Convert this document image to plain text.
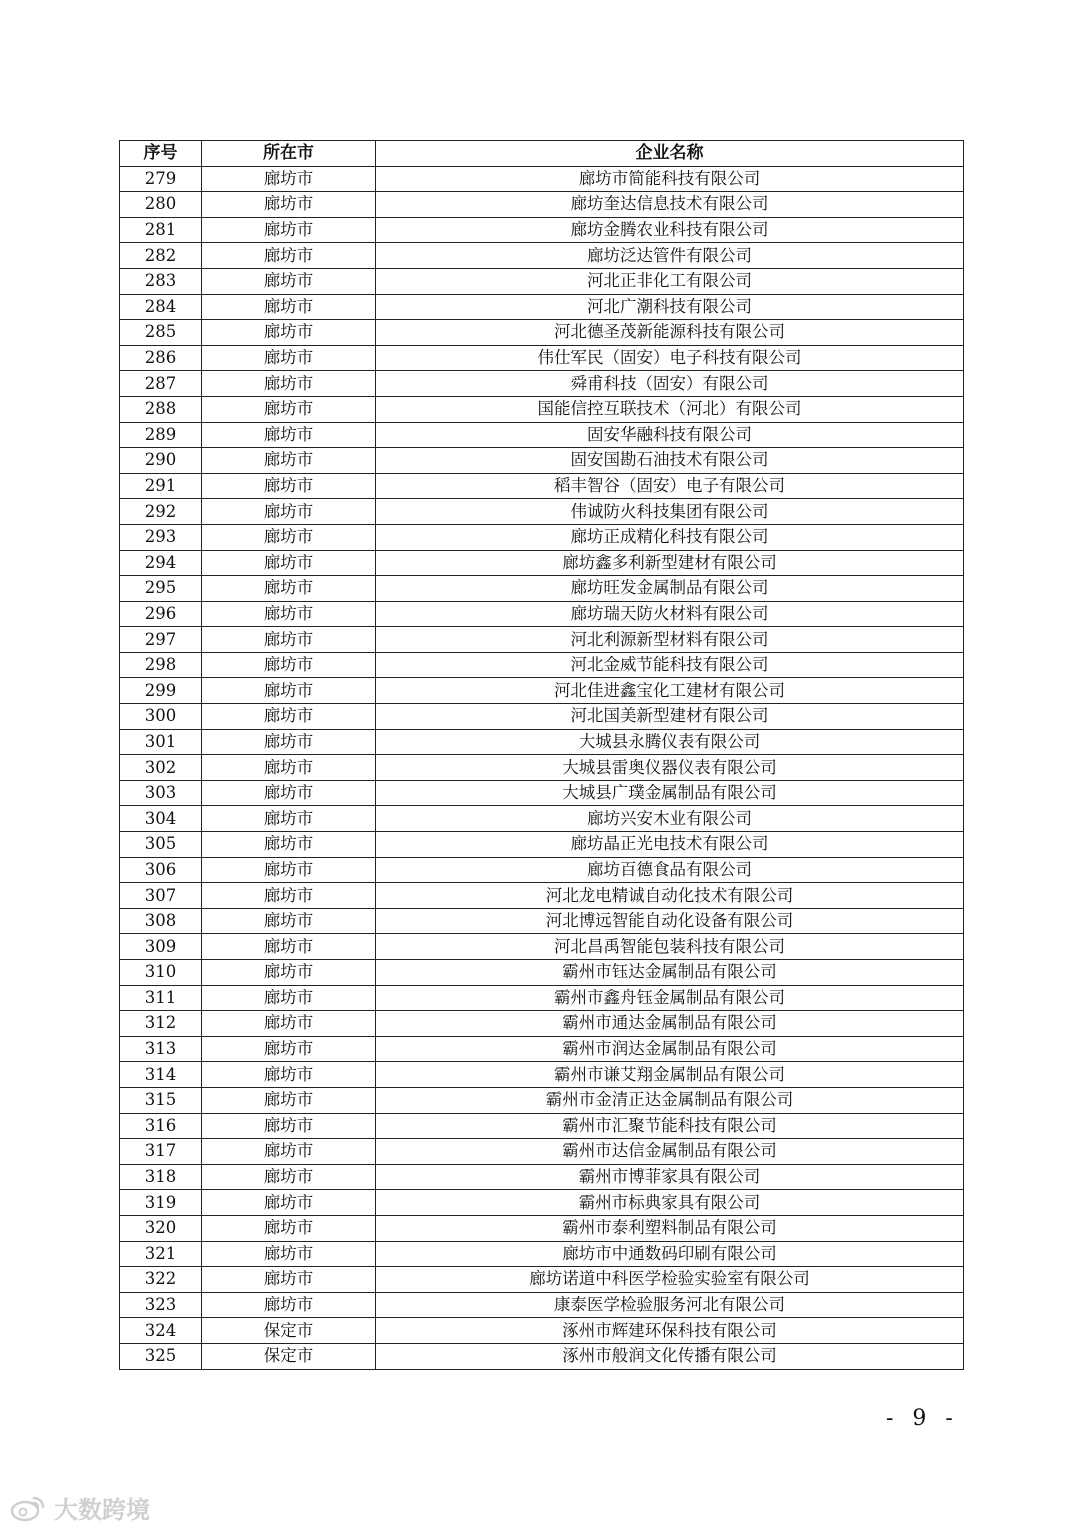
序号	所在市	企业名称
279	廊坊市	廊坊市简能科技有限公司
280	廊坊市	廊坊奎达信息技术有限公司
281	廊坊市	廊坊金腾农业科技有限公司
282	廊坊市	廊坊泛达管件有限公司
283	廊坊市	河北正非化工有限公司
284	廊坊市	河北广潮科技有限公司
285	廊坊市	河北德圣茂新能源科技有限公司
286	廊坊市	伟仕军民（固安）电子科技有限公司
287	廊坊市	舜甫科技（固安）有限公司
288	廊坊市	国能信控互联技术（河北）有限公司
289	廊坊市	固安华融科技有限公司
290	廊坊市	固安国勘石油技术有限公司
291	廊坊市	稻丰智谷（固安）电子有限公司
292	廊坊市	伟诚防火科技集团有限公司
293	廊坊市	廊坊正成精化科技有限公司
294	廊坊市	廊坊鑫多利新型建材有限公司
295	廊坊市	廊坊旺发金属制品有限公司
296	廊坊市	廊坊瑞天防火材料有限公司
297	廊坊市	河北利源新型材料有限公司
298	廊坊市	河北金威节能科技有限公司
299	廊坊市	河北佳进鑫宝化工建材有限公司
300	廊坊市	河北国美新型建材有限公司
301	廊坊市	大城县永腾仪表有限公司
302	廊坊市	大城县雷奥仪器仪表有限公司
303	廊坊市	大城县广璞金属制品有限公司
304	廊坊市	廊坊兴安木业有限公司
305	廊坊市	廊坊晶正光电技术有限公司
306	廊坊市	廊坊百德食品有限公司
307	廊坊市	河北龙电精诚自动化技术有限公司
308	廊坊市	河北博远智能自动化设备有限公司
309	廊坊市	河北昌禹智能包装科技有限公司
310	廊坊市	霸州市钰达金属制品有限公司
311	廊坊市	霸州市鑫舟钰金属制品有限公司
312	廊坊市	霸州市通达金属制品有限公司
313	廊坊市	霸州市润达金属制品有限公司
314	廊坊市	霸州市谦艾翔金属制品有限公司
315	廊坊市	霸州市金清正达金属制品有限公司
316	廊坊市	霸州市汇聚节能科技有限公司
317	廊坊市	霸州市达信金属制品有限公司
318	廊坊市	霸州市博菲家具有限公司
319	廊坊市	霸州市标典家具有限公司
320	廊坊市	霸州市泰利塑料制品有限公司
321	廊坊市	廊坊市中通数码印刷有限公司
322	廊坊市	廊坊诺道中科医学检验实验室有限公司
323	廊坊市	康泰医学检验服务河北有限公司
324	保定市	涿州市辉建环保科技有限公司
325	保定市	涿州市般润文化传播有限公司
- 9 -
大数跨境
